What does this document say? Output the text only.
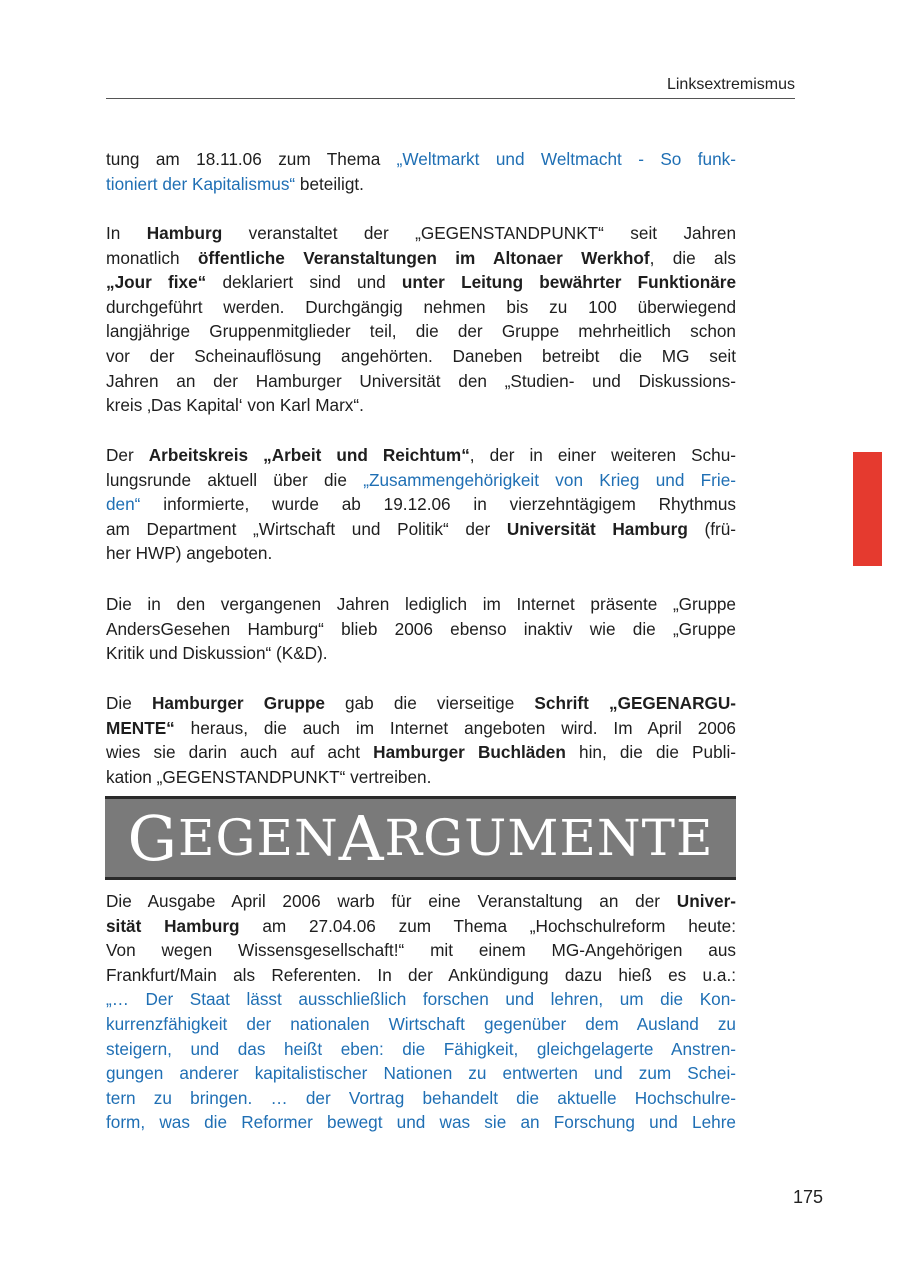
Linksextremismus
tung am 18.11.06 zum Thema „Weltmarkt und Weltmacht - So funk-
tioniert der Kapitalismus“ beteiligt.
In Hamburg veranstaltet der „GEGENSTANDPUNKT“ seit Jahren
monatlich öffentliche Veranstaltungen im Altonaer Werkhof, die als
„Jour fixe“ deklariert sind und unter Leitung bewährter Funktionäre
durchgeführt werden. Durchgängig nehmen bis zu 100 überwiegend
langjährige Gruppenmitglieder teil, die der Gruppe mehrheitlich schon
vor der Scheinauflösung angehörten. Daneben betreibt die MG seit
Jahren an der Hamburger Universität den „Studien- und Diskussions-
kreis ‚Das Kapital‘ von Karl Marx“.
Der Arbeitskreis „Arbeit und Reichtum“, der in einer weiteren Schu-
lungsrunde aktuell über die „Zusammengehörigkeit von Krieg und Frie-
den“ informierte, wurde ab 19.12.06 in vierzehntägigem Rhythmus
am Department „Wirtschaft und Politik“ der Universität Hamburg (frü-
her HWP) angeboten.
Die in den vergangenen Jahren lediglich im Internet präsente „Gruppe
AndersGesehen Hamburg“ blieb 2006 ebenso inaktiv wie die „Gruppe
Kritik und Diskussion“ (K&D).
Die Hamburger Gruppe gab die vierseitige Schrift „GEGENARGU-
MENTE“ heraus, die auch im Internet angeboten wird. Im April 2006
wies sie darin auch auf acht Hamburger Buchläden hin, die die Publi-
kation „GEGENSTANDPUNKT“ vertreiben.
G EGEN A RGUMENTE
Die Ausgabe April 2006 warb für eine Veranstaltung an der Univer-
sität Hamburg am 27.04.06 zum Thema „Hochschulreform heute:
Von wegen Wissensgesellschaft!“ mit einem MG-Angehörigen aus
Frankfurt/Main als Referenten. In der Ankündigung dazu hieß es u.a.:
„… Der Staat lässt ausschließlich forschen und lehren, um die Kon-
kurrenzfähigkeit der nationalen Wirtschaft gegenüber dem Ausland zu
steigern, und das heißt eben: die Fähigkeit, gleichgelagerte Anstren-
gungen anderer kapitalistischer Nationen zu entwerten und zum Schei-
tern zu bringen. … der Vortrag behandelt die aktuelle Hochschulre-
form, was die Reformer bewegt und was sie an Forschung und Lehre
175
